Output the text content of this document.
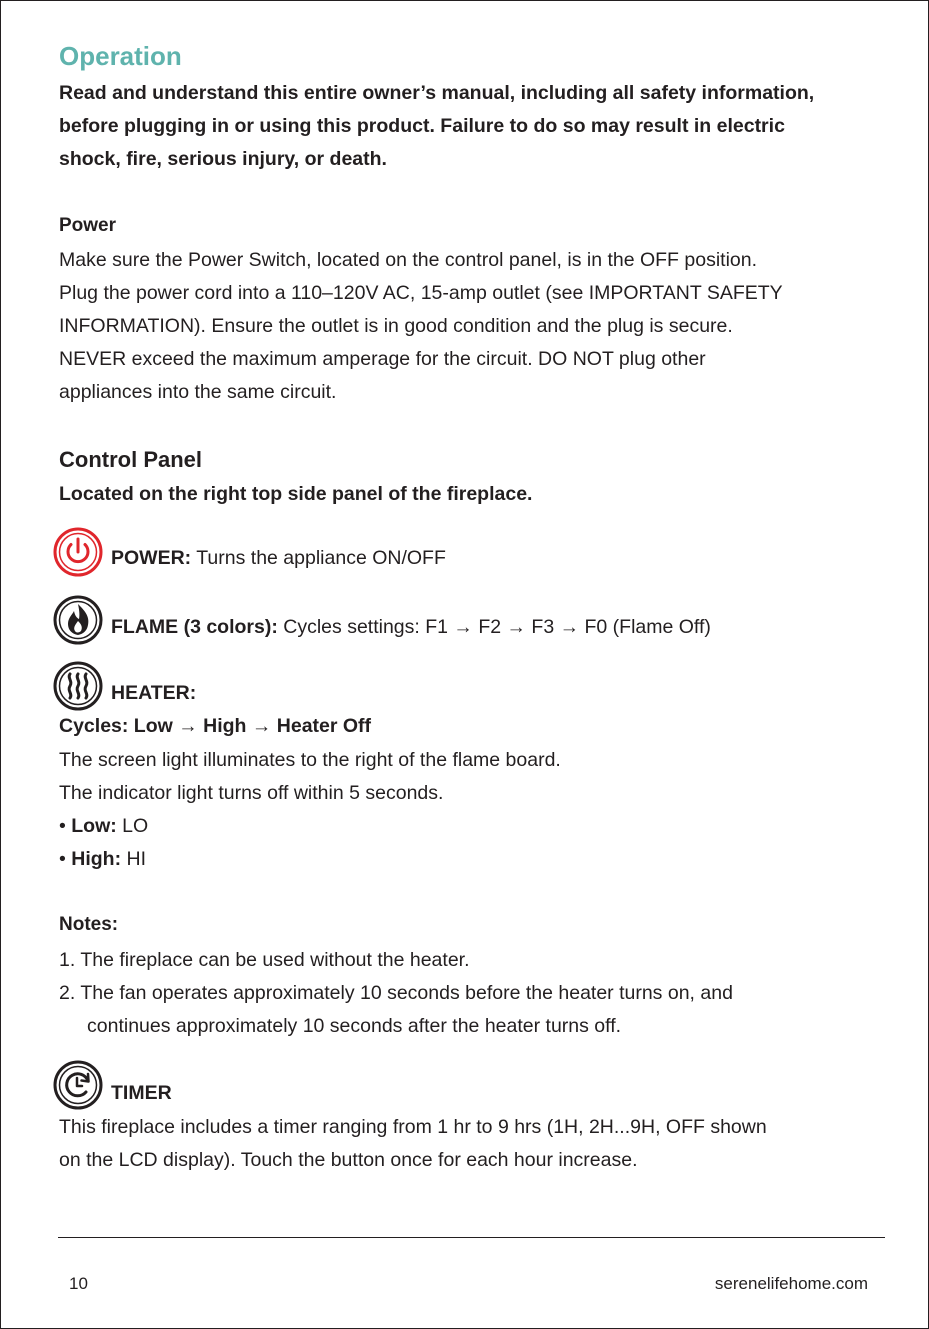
Operation
Read and understand this entire owner’s manual, including all safety information,
before plugging in or using this product. Failure to do so may result in electric
shock, fire, serious injury, or death.
Power
Make sure the Power Switch, located on the control panel, is in the OFF position.
Plug the power cord into a 110–120V AC, 15-amp outlet (see IMPORTANT SAFETY
INFORMATION). Ensure the outlet is in good condition and the plug is secure.
NEVER exceed the maximum amperage for the circuit. DO NOT plug other
appliances into the same circuit.
Control Panel
Located on the right top side panel of the fireplace.
POWER: Turns the appliance ON/OFF
FLAME (3 colors): Cycles settings: F1 → F2 → F3 → F0 (Flame Off)
HEATER:
Cycles: Low → High → Heater Off
The screen light illuminates to the right of the flame board.
The indicator light turns off within 5 seconds.
• Low: LO
• High: HI
Notes:
1. The fireplace can be used without the heater.
2. The fan operates approximately 10 seconds before the heater turns on, and
continues approximately 10 seconds after the heater turns off.
TIMER
This fireplace includes a timer ranging from 1 hr to 9 hrs (1H, 2H...9H, OFF shown
on the LCD display). Touch the button once for each hour increase.
10	serenelifehome.com
